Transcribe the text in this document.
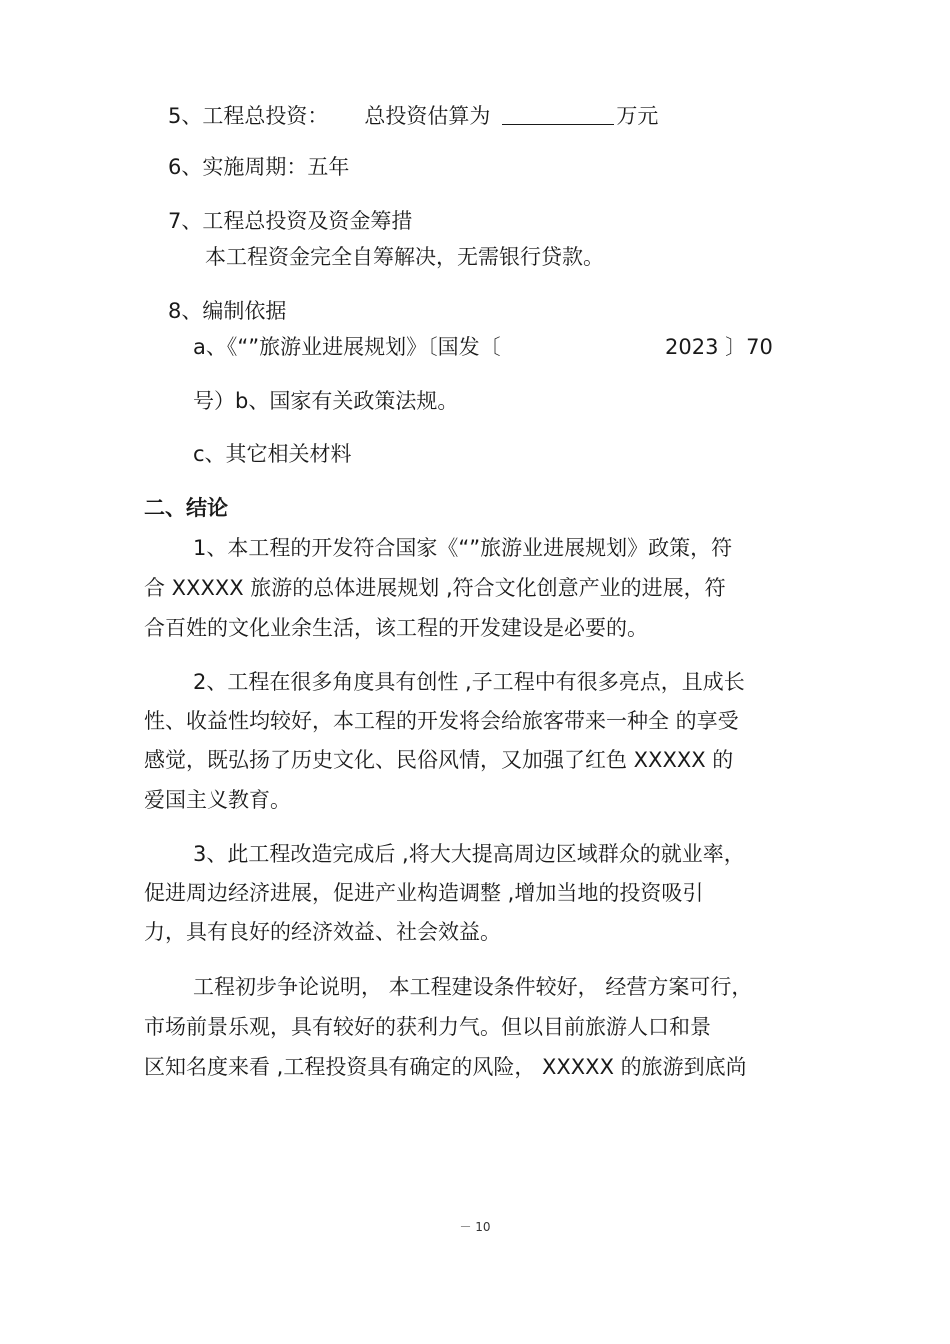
5、工程总投资： 总投资估算为	万元
6、实施周期：五年
7、工程总投资及资金筹措
本工程资金完全自筹解决，无需银行贷款。
8、编制依据
a、《“”旅游业进展规划》〔国发〔	2023 〕70
号）b、国家有关政策法规。
c、其它相关材料
二、结论
1、本工程的开发符合国家《“”旅游业进展规划》政策，符
合 XXXXX 旅游的总体进展规划 ,符合文化创意产业的进展，符
合百姓的文化业余生活，该工程的开发建设是必要的。
2、工程在很多角度具有创性 ,子工程中有很多亮点，且成长
性、收益性均较好，本工程的开发将会给旅客带来一种全 的享受
感觉，既弘扬了历史文化、民俗风情，又加强了红色 XXXXX 的
爱国主义教育。
3、此工程改造完成后 ,将大大提高周边区域群众的就业率，
促进周边经济进展，促进产业构造调整 ,增加当地的投资吸引
力，具有良好的经济效益、社会效益。
工程初步争论说明， 本工程建设条件较好， 经营方案可行，
市场前景乐观，具有较好的获利力气。但以目前旅游人口和景
区知名度来看 ,工程投资具有确定的风险， XXXXX 的旅游到底尚
－ 10
